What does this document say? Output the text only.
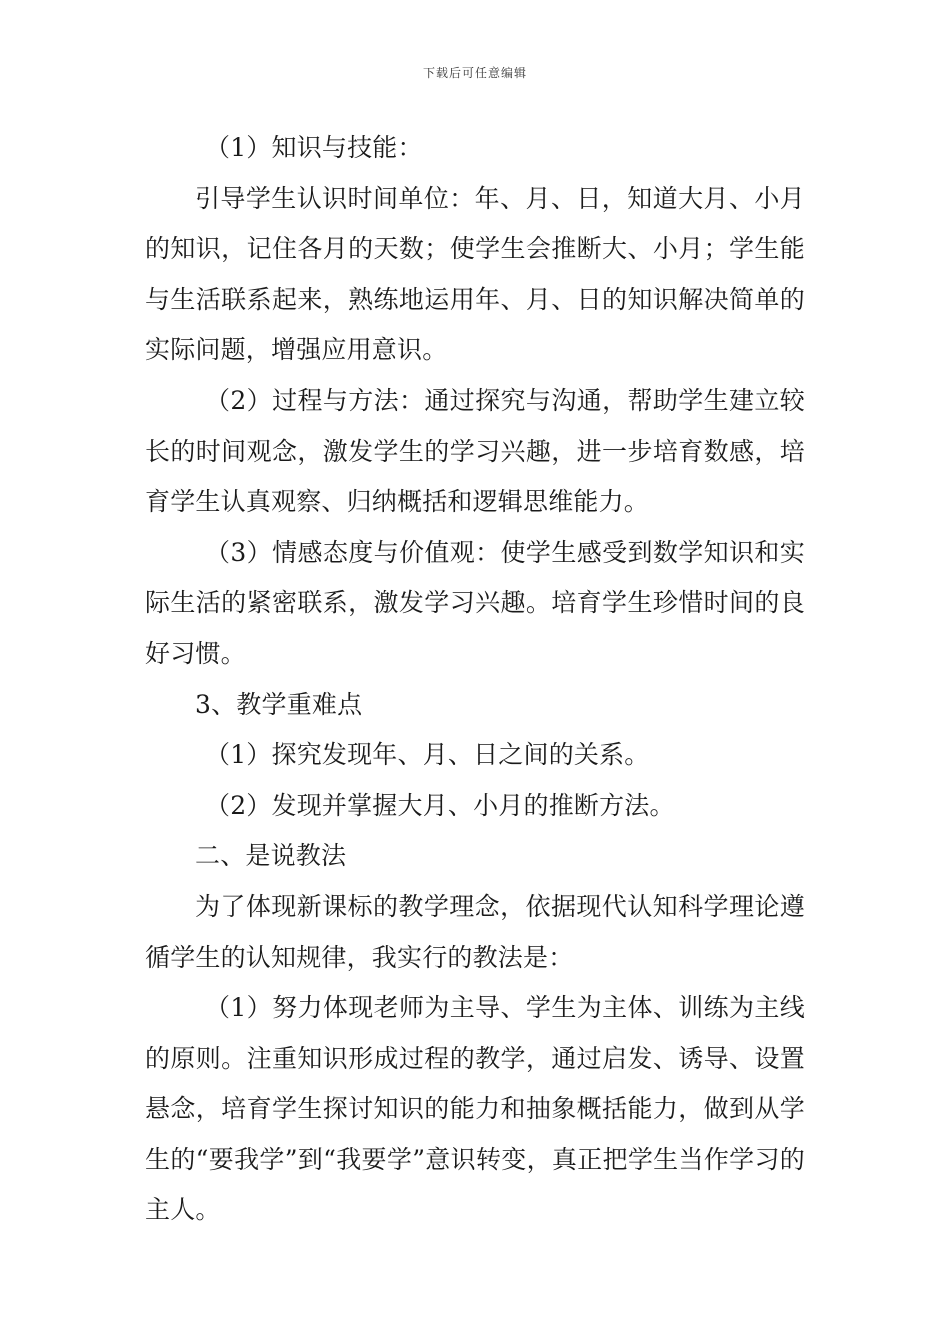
下载后可任意编辑

（1）知识与技能：

引导学生认识时间单位：年、月、日，知道大月、小月的知识，记住各月的天数；使学生会推断大、小月；学生能与生活联系起来，熟练地运用年、月、日的知识解决简单的实际问题，增强应用意识。

（2）过程与方法：通过探究与沟通，帮助学生建立较长的时间观念，激发学生的学习兴趣，进一步培育数感，培育学生认真观察、归纳概括和逻辑思维能力。

（3）情感态度与价值观：使学生感受到数学知识和实际生活的紧密联系，激发学习兴趣。培育学生珍惜时间的良好习惯。

3、教学重难点

（1）探究发现年、月、日之间的关系。

（2）发现并掌握大月、小月的推断方法。

二、是说教法

为了体现新课标的教学理念，依据现代认知科学理论遵循学生的认知规律，我实行的教法是：

（1）努力体现老师为主导、学生为主体、训练为主线的原则。注重知识形成过程的教学，通过启发、诱导、设置悬念，培育学生探讨知识的能力和抽象概括能力，做到从学生的“要我学”到“我要学”意识转变，真正把学生当作学习的主人。
